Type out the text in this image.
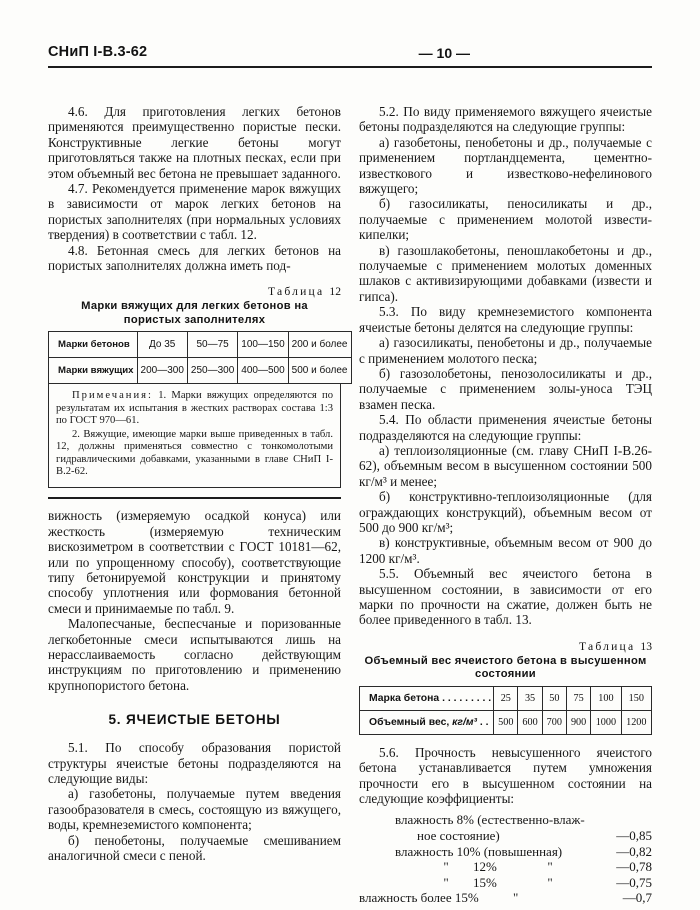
СНиП I-В.3-62	— 10 —

4.6. Для приготовления легких бетонов применяются преимущественно пористые пески. Конструктивные легкие бетоны могут приготовляться также на плотных песках, если при этом объемный вес бетона не превышает заданного.

4.7. Рекомендуется применение марок вяжущих в зависимости от марок легких бетонов на пористых заполнителях (при нормальных условиях твердения) в соответствии с табл. 12.

4.8. Бетонная смесь для легких бетонов на пористых заполнителях должна иметь под-

Таблица 12
Марки вяжущих для легких бетонов на
пористых заполнителях
Марки бетонов	До 35	50—75	100—150	200 и более
Марки вяжущих	200—300	250—300	400—500	500 и более

Примечания: 1. Марки вяжущих определяются по результатам их испытания в жестких растворах состава 1:3 по ГОСТ 970—61.

2. Вяжущие, имеющие марки выше приведенных в табл. 12, должны применяться совместно с тонкомолотыми гидравлическими добавками, указанными в главе СНиП I-В.2-62.

вижность (измеряемую осадкой конуса) или жесткость (измеряемую техническим вискозиметром в соответствии с ГОСТ 10181—62, или по упрощенному способу), соответствующие типу бетонируемой конструкции и принятому способу уплотнения или формования бетонной смеси и принимаемые по табл. 9.

Малопесчаные, беспесчаные и поризованные легкобетонные смеси испытываются лишь на нерасслаиваемость согласно действующим инструкциям по приготовлению и применению крупнопористого бетона.

5. ЯЧЕИСТЫЕ БЕТОНЫ

5.1. По способу образования пористой структуры ячеистые бетоны подразделяются на следующие виды:

а) газобетоны, получаемые путем введения газообразователя в смесь, состоящую из вяжущего, воды, кремнеземистого компонента;

б) пенобетоны, получаемые смешиванием аналогичной смеси с пеной.

5.2. По виду применяемого вяжущего ячеистые бетоны подразделяются на следующие группы:

а) газобетоны, пенобетоны и др., получаемые с применением портландцемента, цементно-известкового и известково-нефелинового вяжущего;

б) газосиликаты, пеносиликаты и др., получаемые с применением молотой извести-кипелки;

в) газошлакобетоны, пеношлакобетоны и др., получаемые с применением молотых доменных шлаков с активизирующими добавками (извести и гипса).

5.3. По виду кремнеземистого компонента ячеистые бетоны делятся на следующие группы:

а) газосиликаты, пенобетоны и др., получаемые с применением молотого песка;

б) газозолобетоны, пенозолосиликаты и др., получаемые с применением золы-уноса ТЭЦ взамен песка.

5.4. По области применения ячеистые бетоны подразделяются на следующие группы:

а) теплоизоляционные (см. главу СНиП I-В.26-62), объемным весом в высушенном состоянии 500 кг/м³ и менее;

б) конструктивно-теплоизоляционные (для ограждающих конструкций), объемным весом от 500 до 900 кг/м³;

в) конструктивные, объемным весом от 900 до 1200 кг/м³.

5.5. Объемный вес ячеистого бетона в высушенном состоянии, в зависимости от его марки по прочности на сжатие, должен быть не более приведенного в табл. 13.

Таблица 13
Объемный вес ячеистого бетона в высушенном
состоянии
Марка бетона . . . . . . . . .	25	35	50	75	100	150
Объемный вес, кг/м³ . .	500	600	700	900	1000	1200

5.6. Прочность невысушенного ячеистого бетона устанавливается путем умножения прочности его в высушенном состоянии на следующие коэффициенты:

влажность 8% (естественно-влаж-
ное состояние)	—0,85
влажность 10% (повышенная)	—0,82
" 12%	"	—0,78
" 15%	"	—0,75
влажность более 15%	"	—0,7
